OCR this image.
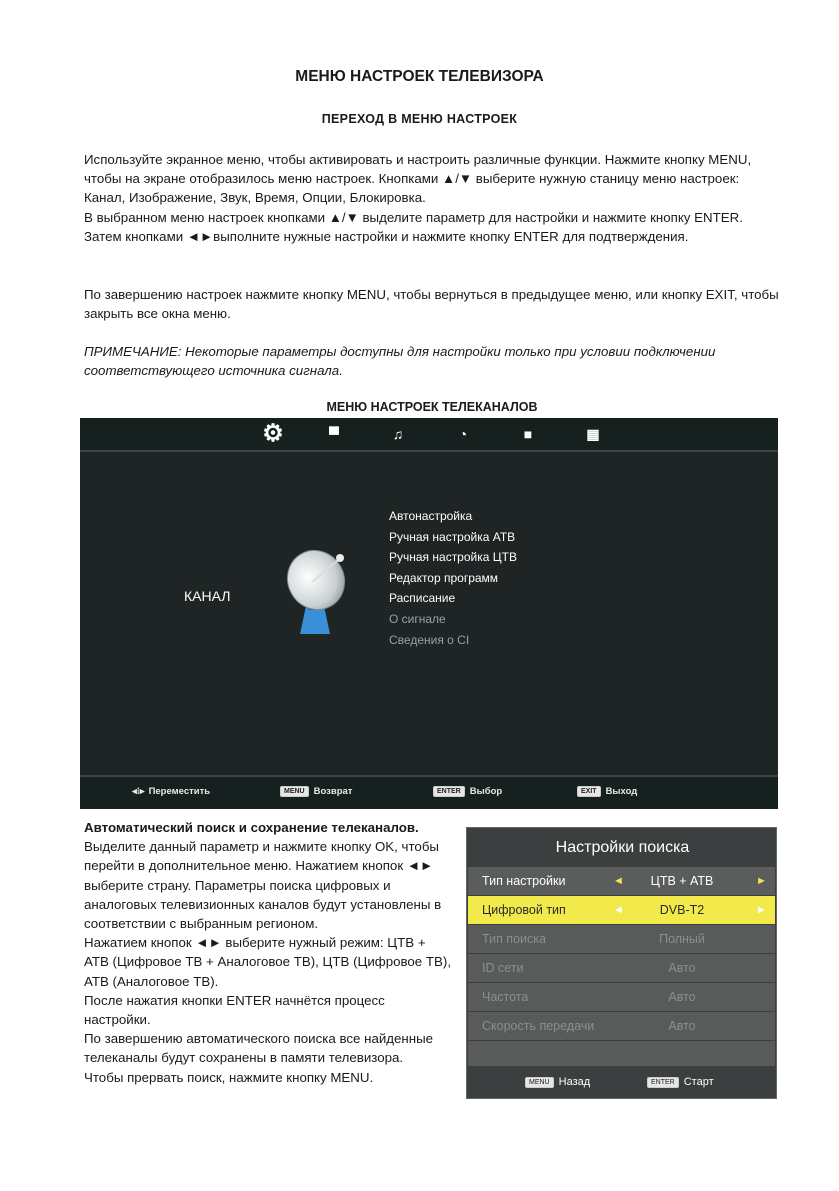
МЕНЮ НАСТРОЕК ТЕЛЕВИЗОРА
ПЕРЕХОД В МЕНЮ НАСТРОЕК

Используйте экранное меню, чтобы активировать и настроить различные функции. Нажмите кнопку MENU, чтобы на экране отобразилось меню настроек. Кнопками ▲/▼ выберите нужную станицу меню настроек: Канал, Изображение, Звук, Время, Опции, Блокировка.

В выбранном меню настроек кнопками ▲/▼ выделите параметр для настройки и нажмите кнопку ENTER. Затем кнопками ◄►выполните нужные настройки и нажмите кнопку ENTER для подтверждения.

По завершению настроек нажмите кнопку MENU, чтобы вернуться в предыдущее меню, или кнопку EXIT, чтобы закрыть все окна меню.
ПРИМЕЧАНИЕ: Некоторые параметры доступны для настройки только при условии подключении соответствующего источника сигнала.
МЕНЮ НАСТРОЕК ТЕЛЕКАНАЛОВ
⚙	▀	♫	◔	■	▦
КАНАЛ
Автонастройка
Ручная настройка АТВ
Ручная настройка ЦТВ
Редактор программ
Расписание
О сигнале
Сведения о CI
◂⁝▸ Переместить	MENU Возврат	ENTER Выбор	EXIT Выход

Автоматический поиск и сохранение телеканалов.

Выделите данный параметр и нажмите кнопку OK, чтобы перейти в дополнительное меню. Нажатием кнопок ◄► выберите страну. Параметры поиска цифровых и аналоговых телевизионных каналов будут установлены в соответствии с выбранным регионом.

Нажатием кнопок ◄► выберите нужный режим: ЦТВ + АТВ (Цифровое ТВ + Аналоговое ТВ), ЦТВ (Цифровое ТВ), АТВ (Аналоговое ТВ).

После нажатия кнопки ENTER начнётся процесс настройки.

По завершению автоматического поиска все найденные телеканалы будут сохранены в памяти телевизора.

Чтобы прервать поиск, нажмите кнопку MENU.

Настройки поиска
Тип настройки	◄	ЦТВ + АТВ	►
Цифровой тип	◄	DVB-T2	►
Тип поиска	Полный
ID сети	Авто
Частота	Авто
Скорость передачи	Авто
MENU Назад	ENTER Старт
